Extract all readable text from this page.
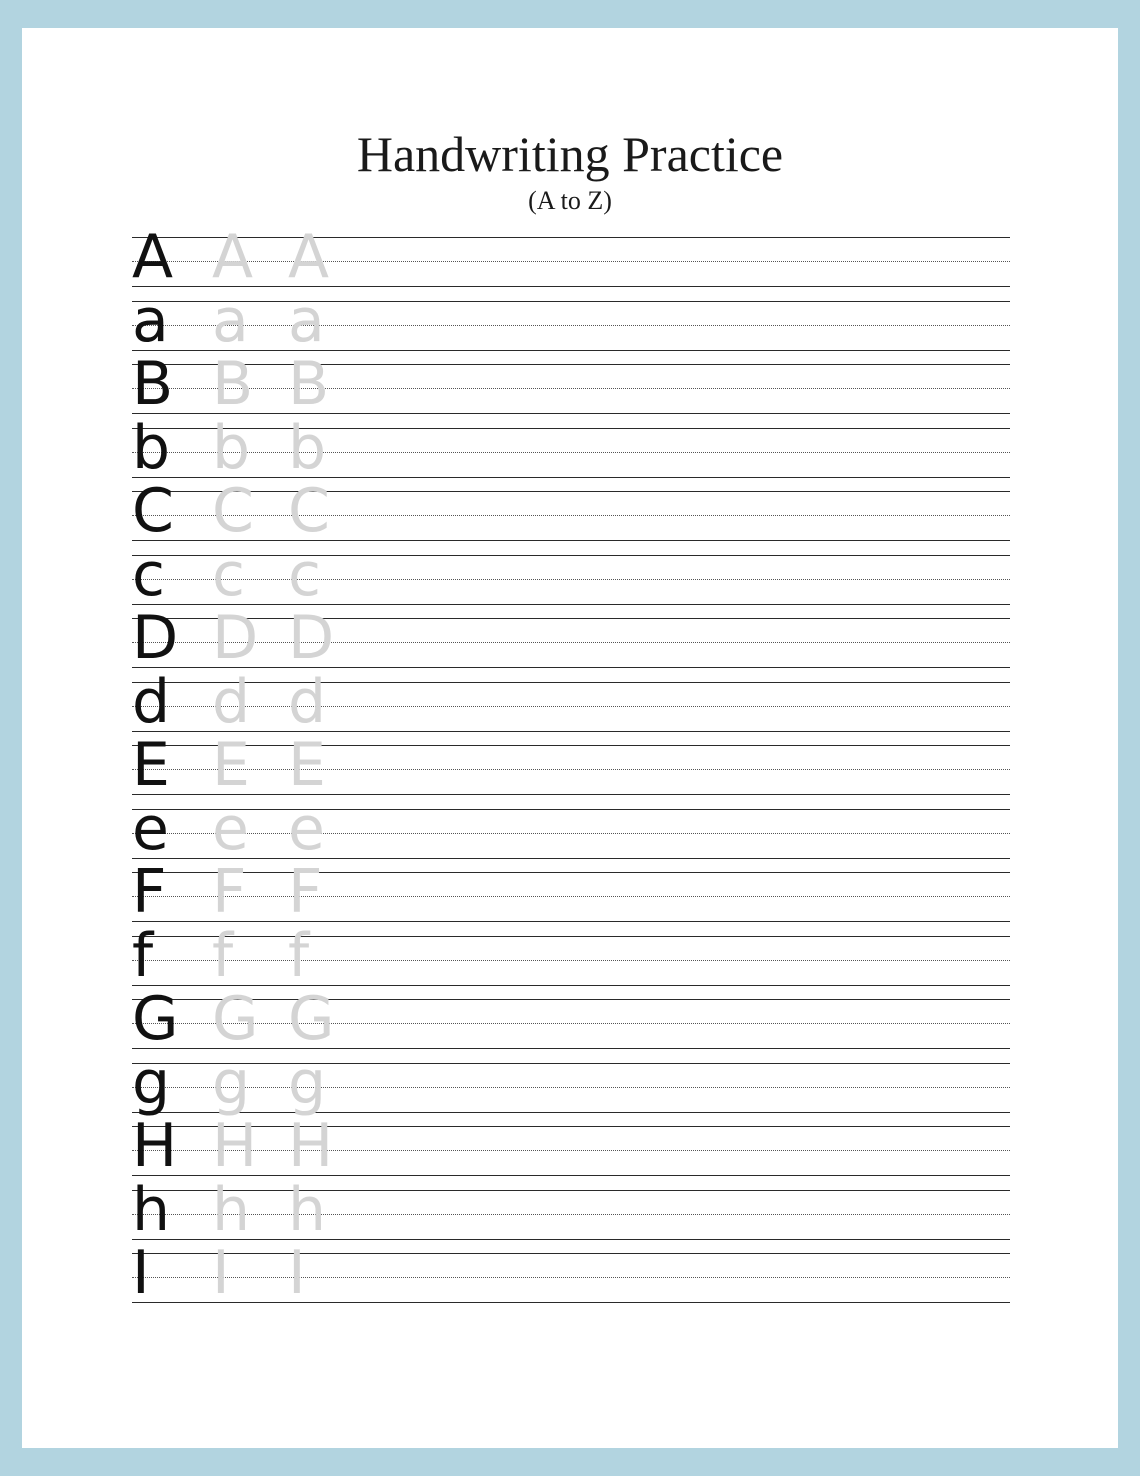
Handwriting Practice
(A to Z)
A A A
a a a
B B B
b b b
C C C
c c c
D D D
d d d
E E E
e e e
F F F
f f f
G G G
g g g
H H H
h h h
I I I
